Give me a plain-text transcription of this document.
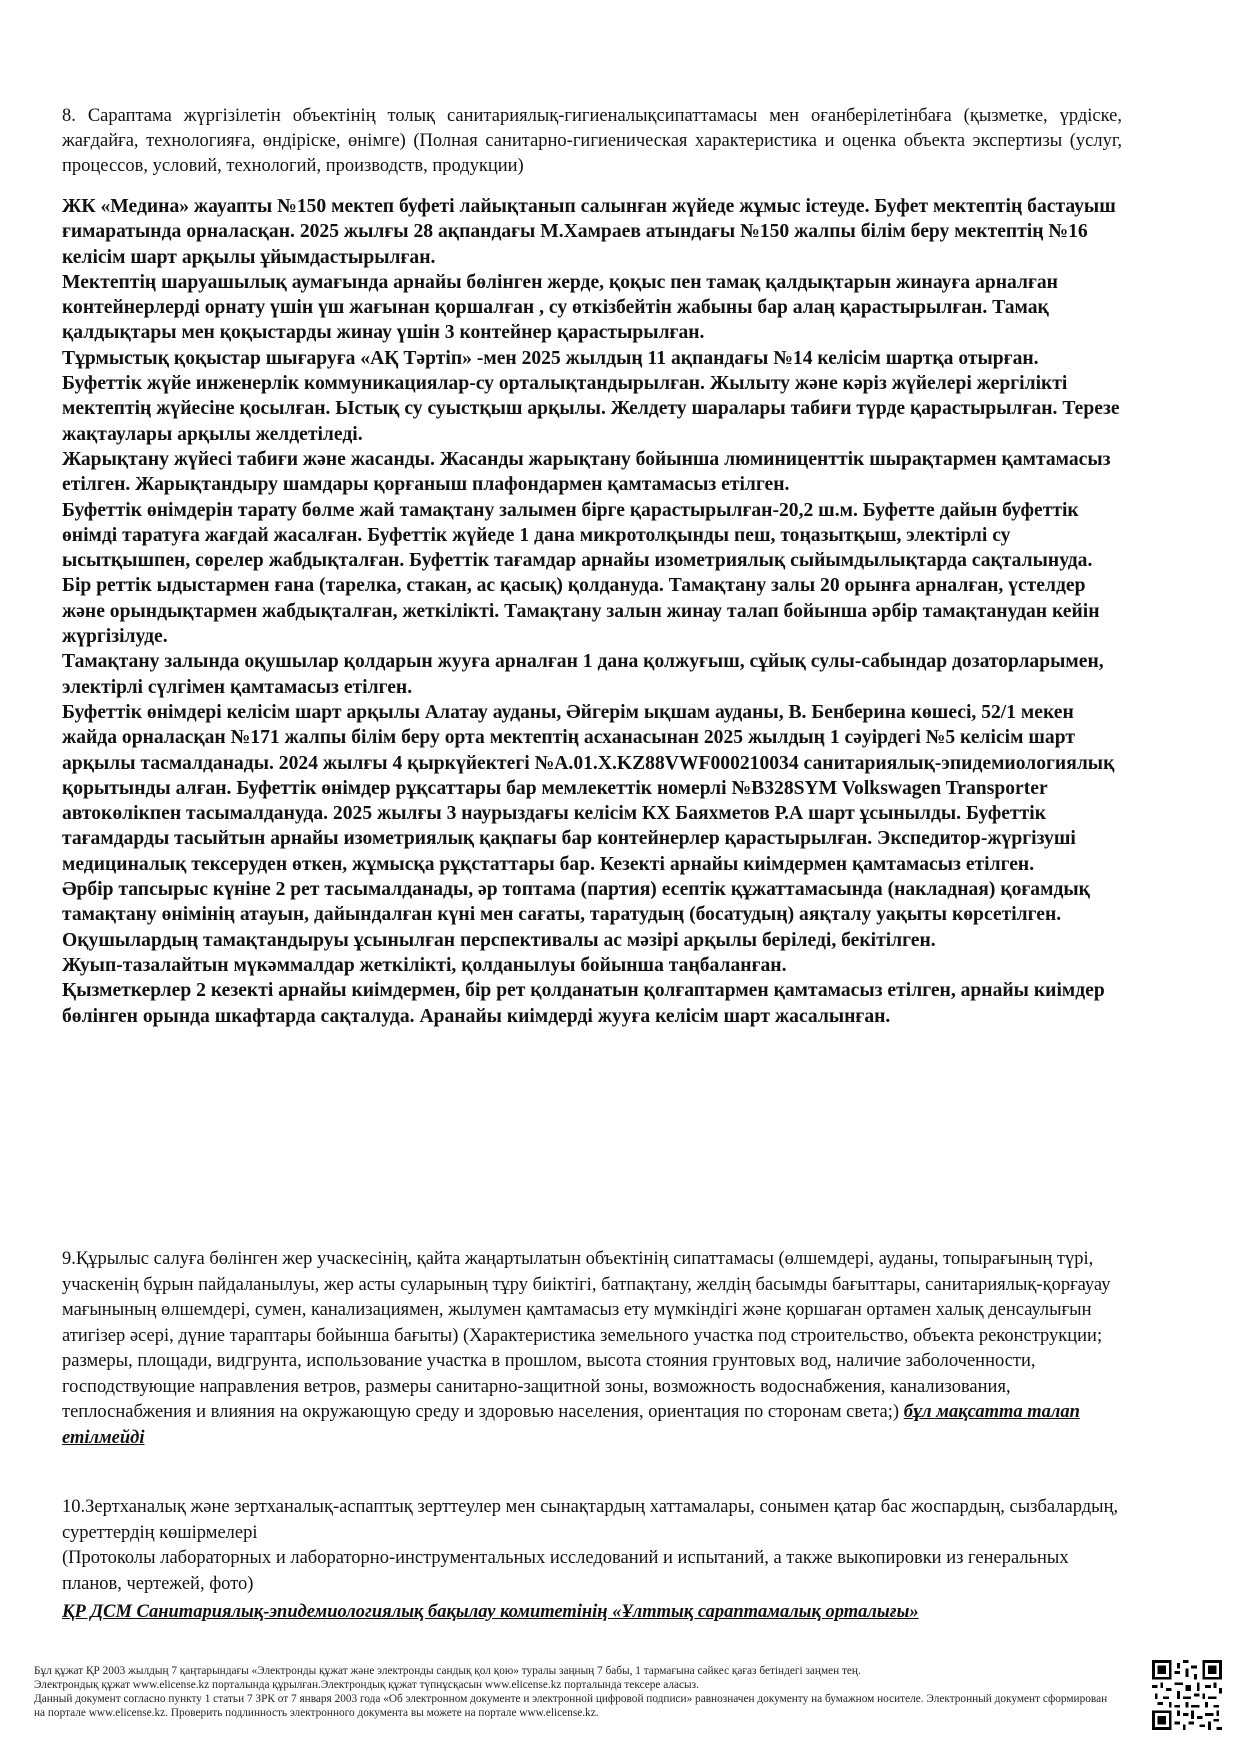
8. Сараптама жүргізілетін объектінің толық санитариялық-гигиеналықсипаттамасы мен оғанберілетінбаға (қызметке, үрдіске, жағдайға, технологияға, өндіріске, өнімге) (Полная санитарно-гигиеническая характеристика и оценка объекта экспертизы (услуг, процессов, условий, технологий, производств, продукции)

ЖК «Медина» жауапты №150 мектеп буфеті лайықтанып салынған жүйеде жұмыс істеуде. Буфет мектептің бастауыш ғимаратында орналасқан. 2025 жылғы 28 ақпандағы М.Хамраев атындағы №150 жалпы білім беру мектептің №16 келісім шарт арқылы ұйымдастырылған.

Мектептің шаруашылық аумағында арнайы бөлінген жерде, қоқыс пен тамақ қалдықтарын жинауға арналған контейнерлерді орнату үшін үш жағынан қоршалған , су өткізбейтін жабыны бар алаң қарастырылған. Тамақ қалдықтары мен қоқыстарды жинау үшін 3 контейнер қарастырылған.

Тұрмыстық қоқыстар шығаруға «АҚ Тәртіп» -мен 2025 жылдың 11 ақпандағы №14 келісім шартқа отырған.

Буфеттік жүйе инженерлік коммуникациялар-су орталықтандырылған. Жылыту және кәріз жүйелері жергілікті мектептің жүйесіне қосылған. Ыстық су суыстқыш арқылы. Желдету шаралары табиғи түрде қарастырылған. Терезе жақтаулары арқылы желдетіледі.

Жарықтану жүйесі табиғи және жасанды. Жасанды жарықтану бойынша люминиценттік шырақтармен қамтамасыз етілген. Жарықтандыру шамдары қорғаныш плафондармен қамтамасыз етілген.

Буфеттік өнімдерін тарату бөлме жай тамақтану залымен бірге қарастырылған-20,2 ш.м. Буфетте дайын буфеттік өнімді таратуға жағдай жасалған. Буфеттік жүйеде 1 дана микротолқынды пеш, тоңазытқыш, электірлі су ысытқышпен, сөрелер жабдықталған. Буфеттік тағамдар арнайы изометриялық сыйымдылықтарда сақталынуда. Бір реттік ыдыстармен ғана (тарелка, стакан, ас қасық) қолдануда. Тамақтану залы 20 орынға арналған, үстелдер және орындықтармен жабдықталған, жеткілікті. Тамақтану залын жинау талап бойынша әрбір тамақтанудан кейін жүргізілуде.

Тамақтану залында оқушылар қолдарын жууға арналған 1 дана қолжуғыш, сұйық сулы-сабындар дозаторларымен, электірлі сүлгімен қамтамасыз етілген.

Буфеттік өнімдері келісім шарт арқылы Алатау ауданы, Әйгерім ықшам ауданы, В. Бенберина көшесі, 52/1 мекен жайда орналасқан №171 жалпы білім беру орта мектептің асханасынан 2025 жылдың 1 сәуірдегі №5 келісім шарт арқылы тасмалданады. 2024 жылғы 4 қыркүйектегі №А.01.Х.KZ88VWF000210034 санитариялық-эпидемиологиялық қорытынды алған. Буфеттік өнімдер рұқсаттары бар мемлекеттік номерлі №В328SYM Volkswagen Transporter автокөлікпен тасымалдануда. 2025 жылғы 3 наурыздағы келісім КХ Баяхметов Р.А шарт ұсынылды. Буфеттік тағамдарды тасыйтын арнайы изометриялық қақпағы бар контейнерлер қарастырылған. Экспедитор-жүргізуші медициналық тексеруден өткен, жұмысқа рұқстаттары бар. Кезекті арнайы киімдермен қамтамасыз етілген.

Әрбір тапсырыс күніне 2 рет тасымалданады, әр топтама (партия) есептік құжаттамасында (накладная) қоғамдық тамақтану өнімінің атауын, дайындалған күні мен сағаты, таратудың (босатудың) аяқталу уақыты көрсетілген. Оқушылардың тамақтандыруы ұсынылған перспективалы ас мәзірі арқылы беріледі, бекітілген.

Жуып-тазалайтын мүкәммалдар жеткілікті, қолданылуы бойынша таңбаланған.

Қызметкерлер 2 кезекті арнайы киімдермен, бір рет қолданатын қолғаптармен қамтамасыз етілген, арнайы киімдер бөлінген орында шкафтарда сақталуда. Аранайы киімдерді жууға келісім шарт жасалынған.

9.Құрылыс салуға бөлінген жер учаскесінің, қайта жаңартылатын объектінің сипаттамасы (өлшемдері, ауданы, топырағының түрі, учаскенің бұрын пайдаланылуы, жер асты суларының тұру биіктігі, батпақтану, желдің басымды бағыттары, санитариялық-қорғауау мағынының өлшемдері, сумен, канализациямен, жылумен қамтамасыз ету мүмкіндігі және қоршаған ортамен халық денсаулығын атигізер әсері, дүние тараптары бойынша бағыты) (Характеристика земельного участка под строительство, объекта реконструкции; размеры, площади, видгрунта, использование участка в прошлом, высота стояния грунтовых вод, наличие заболоченности, господствующие направления ветров, размеры санитарно-защитной зоны, возможность водоснабжения, канализования, теплоснабжения и влияния на окружающую среду и здоровью населения, ориентация по сторонам света;) бұл мақсатта талап етілмейді

10.Зертханалық және зертханалық-аспаптық зерттеулер мен сынақтардың хаттамалары, сонымен қатар бас жоспардың, сызбалардың, суреттердің көшірмелері

(Протоколы лабораторных и лабораторно-инструментальных исследований и испытаний, а также выкопировки из генеральных планов, чертежей, фото)

ҚР ДСМ Санитариялық-эпидемиологиялық бақылау комитетінің «Ұлттық сараптамалық орталығы»

Бұл құжат ҚР 2003 жылдың 7 қаңтарындағы «Электронды құжат және электронды сандық қол қою» туралы заңның 7 бабы, 1 тармағына сәйкес қағаз бетіндегі заңмен тең.

Электрондық құжат www.elicense.kz порталында құрылған.Электрондық құжат түпнұсқасын www.elicense.kz порталында тексере аласыз.

Данный документ согласно пункту 1 статьи 7 ЗРК от 7 января 2003 года «Об электронном документе и электронной цифровой подписи» равнозначен документу на бумажном носителе. Электронный документ сформирован на портале www.elicense.kz. Проверить подлинность электронного документа вы можете на портале www.elicense.kz.
